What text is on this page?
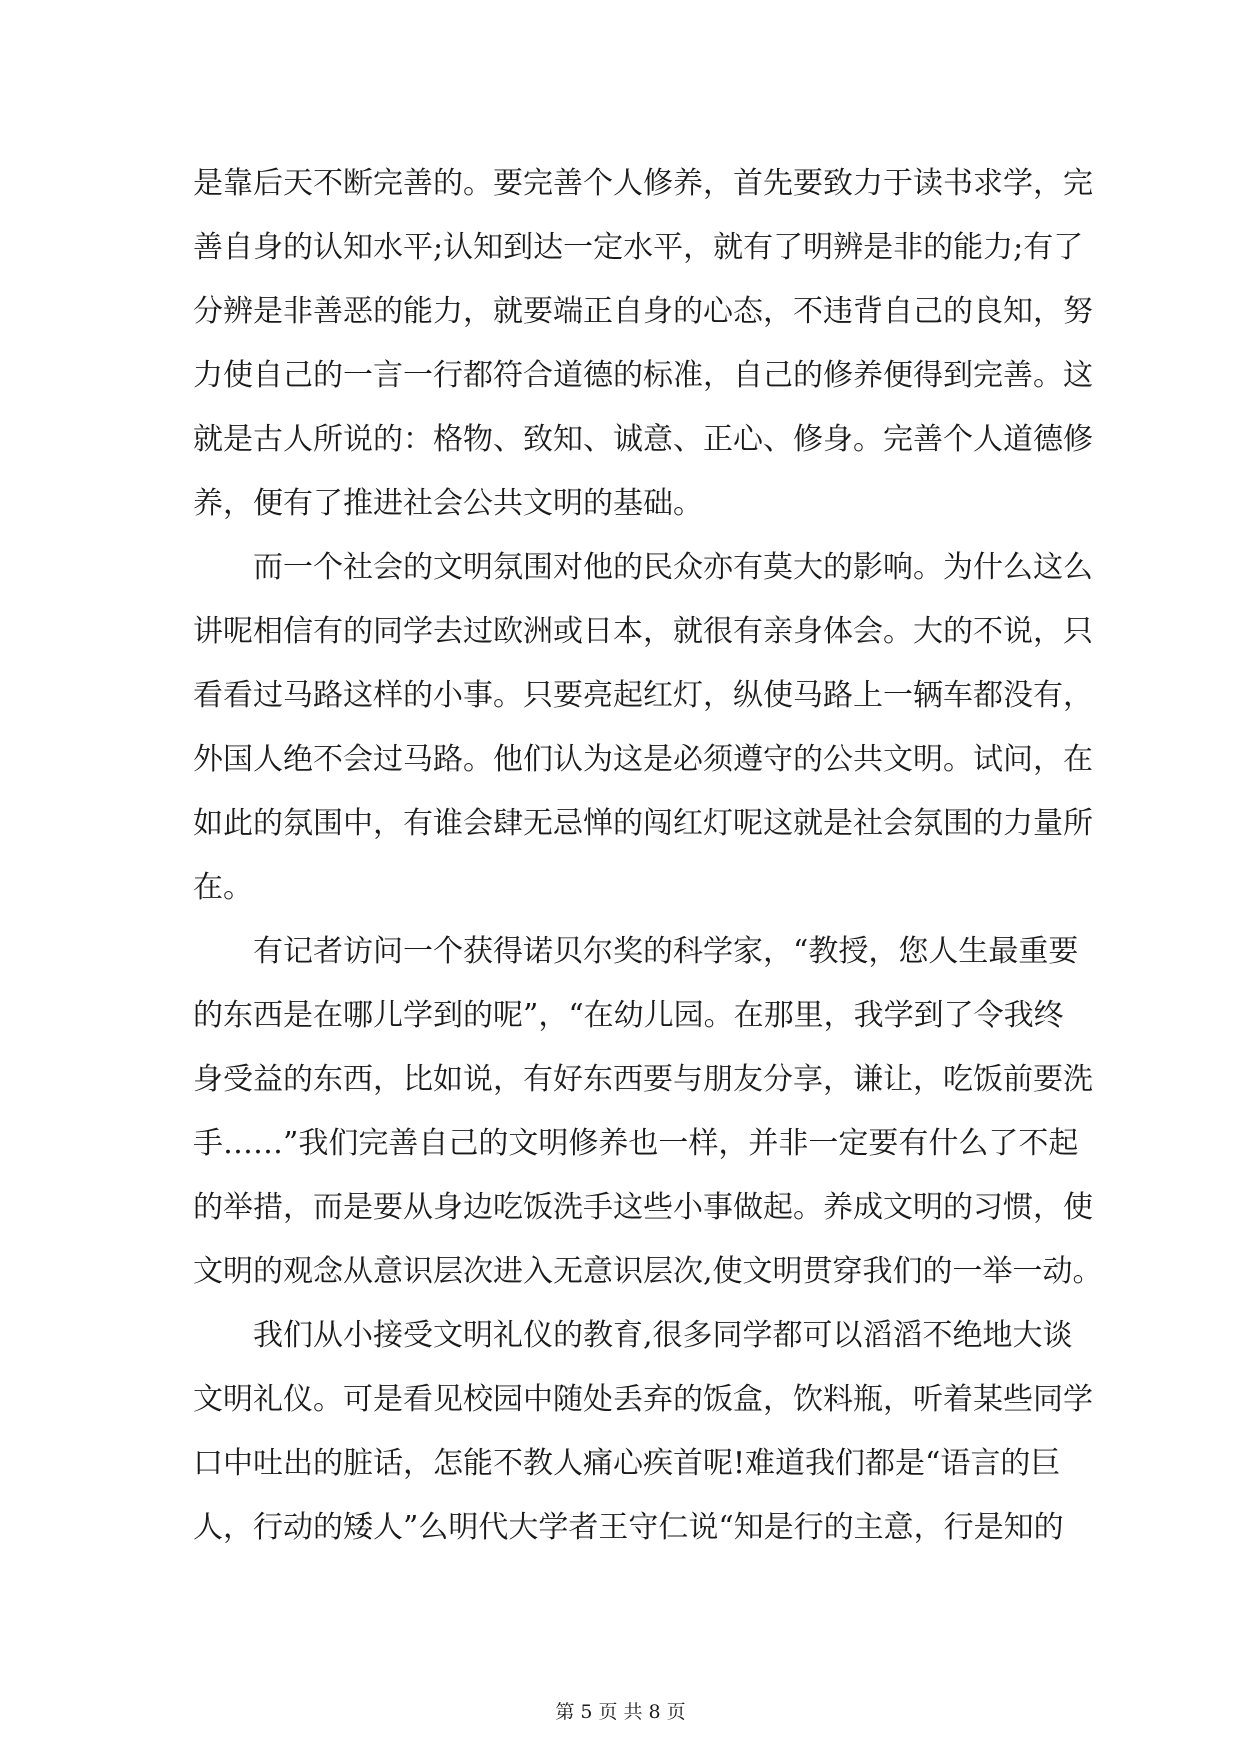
是靠后天不断完善的。要完善个人修养，首先要致力于读书求学，完
善自身的认知水平;认知到达一定水平，就有了明辨是非的能力;有了
分辨是非善恶的能力，就要端正自身的心态，不违背自己的良知，努
力使自己的一言一行都符合道德的标准，自己的修养便得到完善。这
就是古人所说的：格物、致知、诚意、正心、修身。完善个人道德修
养，便有了推进社会公共文明的基础。
而一个社会的文明氛围对他的民众亦有莫大的影响。为什么这么
讲呢相信有的同学去过欧洲或日本，就很有亲身体会。大的不说，只
看看过马路这样的小事。只要亮起红灯，纵使马路上一辆车都没有，
外国人绝不会过马路。他们认为这是必须遵守的公共文明。试问，在
如此的氛围中，有谁会肆无忌惮的闯红灯呢这就是社会氛围的力量所
在。
有记者访问一个获得诺贝尔奖的科学家，“教授，您人生最重要
的东西是在哪儿学到的呢”，“在幼儿园。在那里，我学到了令我终
身受益的东西，比如说，有好东西要与朋友分享，谦让，吃饭前要洗
手……”我们完善自己的文明修养也一样，并非一定要有什么了不起
的举措，而是要从身边吃饭洗手这些小事做起。养成文明的习惯，使
文明的观念从意识层次进入无意识层次,使文明贯穿我们的一举一动。
我们从小接受文明礼仪的教育,很多同学都可以滔滔不绝地大谈
文明礼仪。可是看见校园中随处丢弃的饭盒，饮料瓶，听着某些同学
口中吐出的脏话，怎能不教人痛心疾首呢!难道我们都是“语言的巨
人，行动的矮人”么明代大学者王守仁说“知是行的主意，行是知的
第 5 页 共 8 页
